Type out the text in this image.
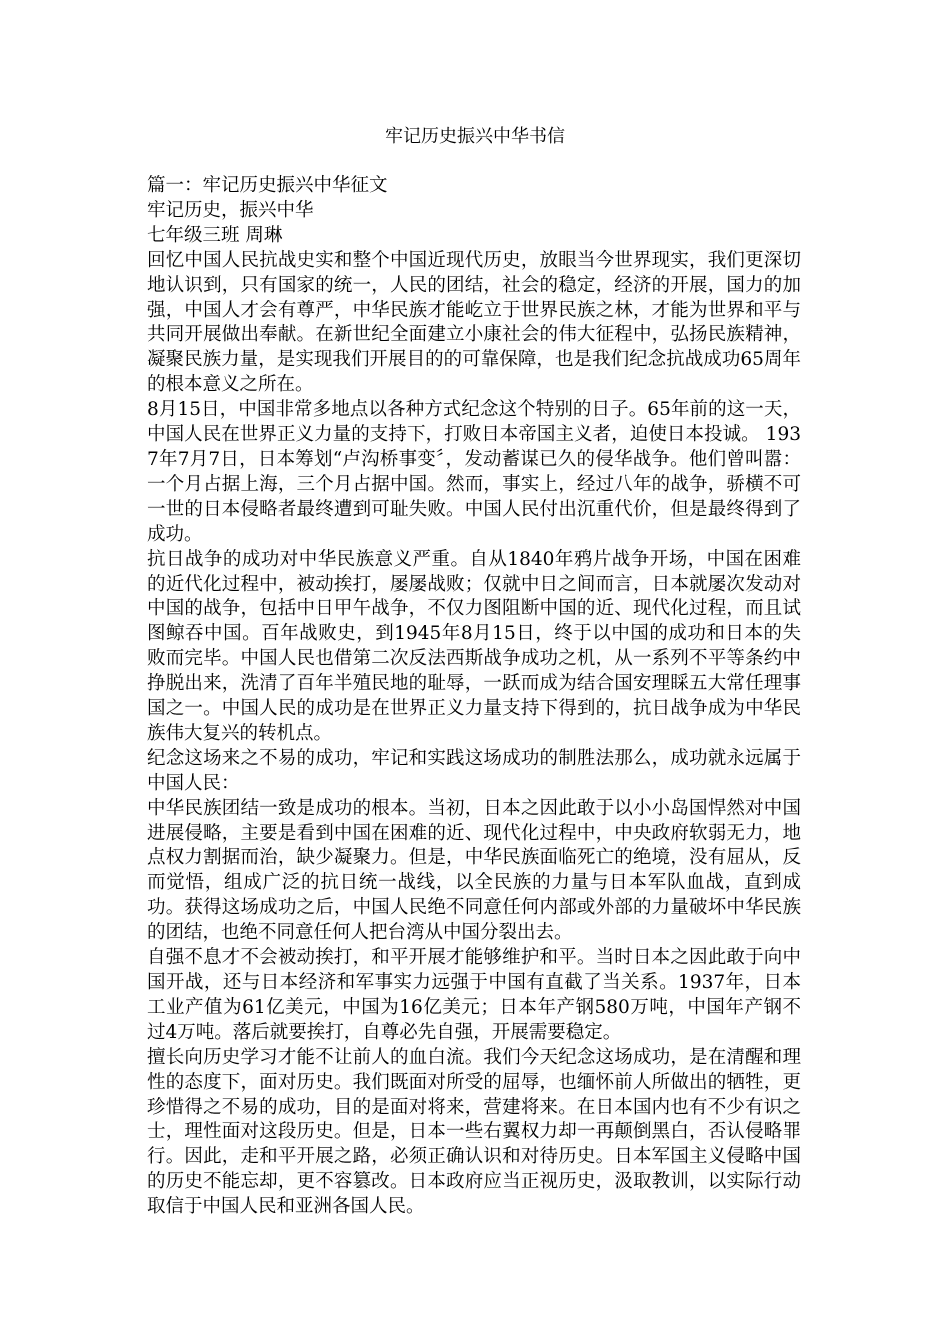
牢记历史振兴中华书信

篇一：牢记历史振兴中华征文

牢记历史，振兴中华

七年级三班 周琳

回忆中国人民抗战史实和整个中国近现代历史，放眼当今世界现实，我们更深切地认识到，只有国家的统一，人民的团结，社会的稳定，经济的开展，国力的加强，中国人才会有尊严，中华民族才能屹立于世界民族之林，才能为世界和平与共同开展做出奉献。在新世纪全面建立小康社会的伟大征程中，弘扬民族精神，凝聚民族力量，是实现我们开展目的的可靠保障，也是我们纪念抗战成功65周年的根本意义之所在。

8月15日，中国非常多地点以各种方式纪念这个特别的日子。65年前的这一天，中国人民在世界正义力量的支持下，打败日本帝国主义者，迫使日本投诚。 1937年7月7日，日本筹划“卢沟桥事变〞，发动蓄谋已久的侵华战争。他们曾叫嚣：一个月占据上海，三个月占据中国。然而，事实上，经过八年的战争，骄横不可一世的日本侵略者最终遭到可耻失败。中国人民付出沉重代价，但是最终得到了成功。

抗日战争的成功对中华民族意义严重。自从1840年鸦片战争开场，中国在困难的近代化过程中，被动挨打，屡屡战败；仅就中日之间而言，日本就屡次发动对中国的战争，包括中日甲午战争，不仅力图阻断中国的近、现代化过程，而且试图鲸吞中国。百年战败史，到1945年8月15日，终于以中国的成功和日本的失败而完毕。中国人民也借第二次反法西斯战争成功之机，从一系列不平等条约中挣脱出来，洗清了百年半殖民地的耻辱，一跃而成为结合国安理睬五大常任理事国之一。中国人民的成功是在世界正义力量支持下得到的，抗日战争成为中华民族伟大复兴的转机点。

纪念这场来之不易的成功，牢记和实践这场成功的制胜法那么，成功就永远属于中国人民：

中华民族团结一致是成功的根本。当初，日本之因此敢于以小小岛国悍然对中国进展侵略，主要是看到中国在困难的近、现代化过程中，中央政府软弱无力，地点权力割据而治，缺少凝聚力。但是，中华民族面临死亡的绝境，没有屈从，反而觉悟，组成广泛的抗日统一战线，以全民族的力量与日本军队血战，直到成功。获得这场成功之后，中国人民绝不同意任何内部或外部的力量破坏中华民族的团结，也绝不同意任何人把台湾从中国分裂出去。

自强不息才不会被动挨打，和平开展才能够维护和平。当时日本之因此敢于向中国开战，还与日本经济和军事实力远强于中国有直截了当关系。1937年，日本工业产值为61亿美元，中国为16亿美元；日本年产钢580万吨，中国年产钢不过4万吨。落后就要挨打，自尊必先自强，开展需要稳定。

擅长向历史学习才能不让前人的血白流。我们今天纪念这场成功，是在清醒和理性的态度下，面对历史。我们既面对所受的屈辱，也缅怀前人所做出的牺牲，更珍惜得之不易的成功，目的是面对将来，营建将来。在日本国内也有不少有识之士，理性面对这段历史。但是，日本一些右翼权力却一再颠倒黑白，否认侵略罪行。因此，走和平开展之路，必须正确认识和对待历史。日本军国主义侵略中国的历史不能忘却，更不容篡改。日本政府应当正视历史，汲取教训，以实际行动取信于中国人民和亚洲各国人民。
